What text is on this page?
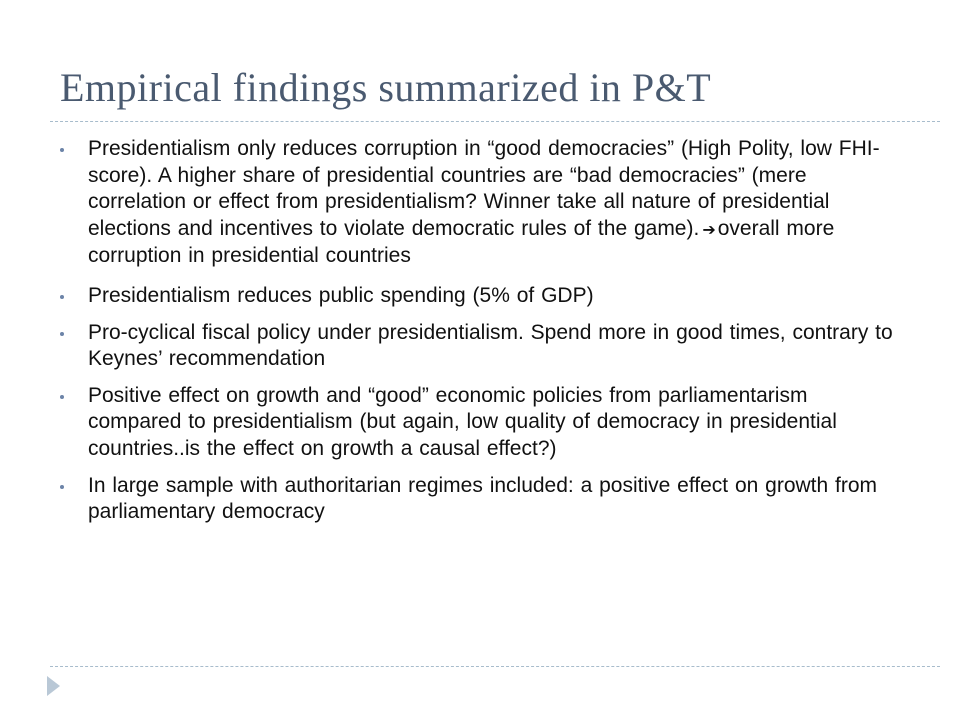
Empirical findings summarized in P&T
Presidentialism only reduces corruption in “good democracies” (High Polity, low FHI-score). A higher share of presidential countries are “bad democracies” (mere correlation or effect from presidentialism? Winner take all nature of presidential elections and incentives to violate democratic rules of the game). ➔overall more corruption in presidential countries
Presidentialism reduces public spending (5% of GDP)
Pro-cyclical fiscal policy under presidentialism. Spend more in good times, contrary to Keynes’ recommendation
Positive effect on growth and “good” economic policies from parliamentarism compared to presidentialism (but again, low quality of democracy in presidential countries..is the effect on growth a causal effect?)
In large sample with authoritarian regimes included: a positive effect on growth from parliamentary democracy
